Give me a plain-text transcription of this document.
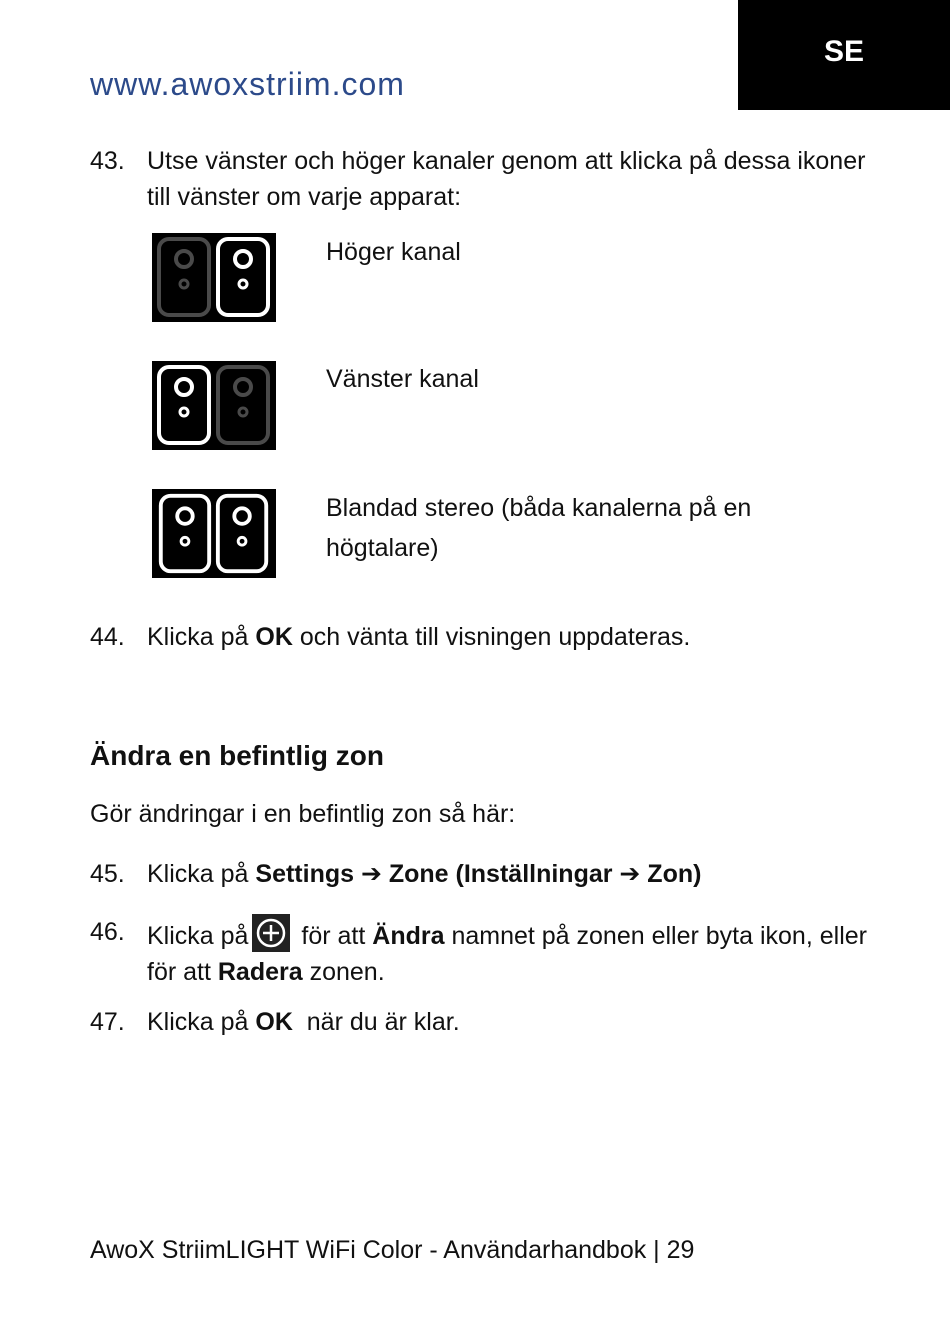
SE
www.awoxstriim.com
43. Utse vänster och höger kanaler genom att klicka på dessa ikoner till vänster om varje apparat:
Höger kanal
Vänster kanal
Blandad stereo (båda kanalerna på en högtalare)
44. Klicka på OK och vänta till visningen uppdateras.
Ändra en befintlig zon
Gör ändringar i en befintlig zon så här:
45. Klicka på Settings ➔ Zone (Inställningar ➔ Zon)
46. Klicka på för att Ändra namnet på zonen eller byta ikon, eller för att Radera zonen.
47. Klicka på OK  när du är klar.
AwoX StriimLIGHT WiFi Color - Användarhandbok | 29
